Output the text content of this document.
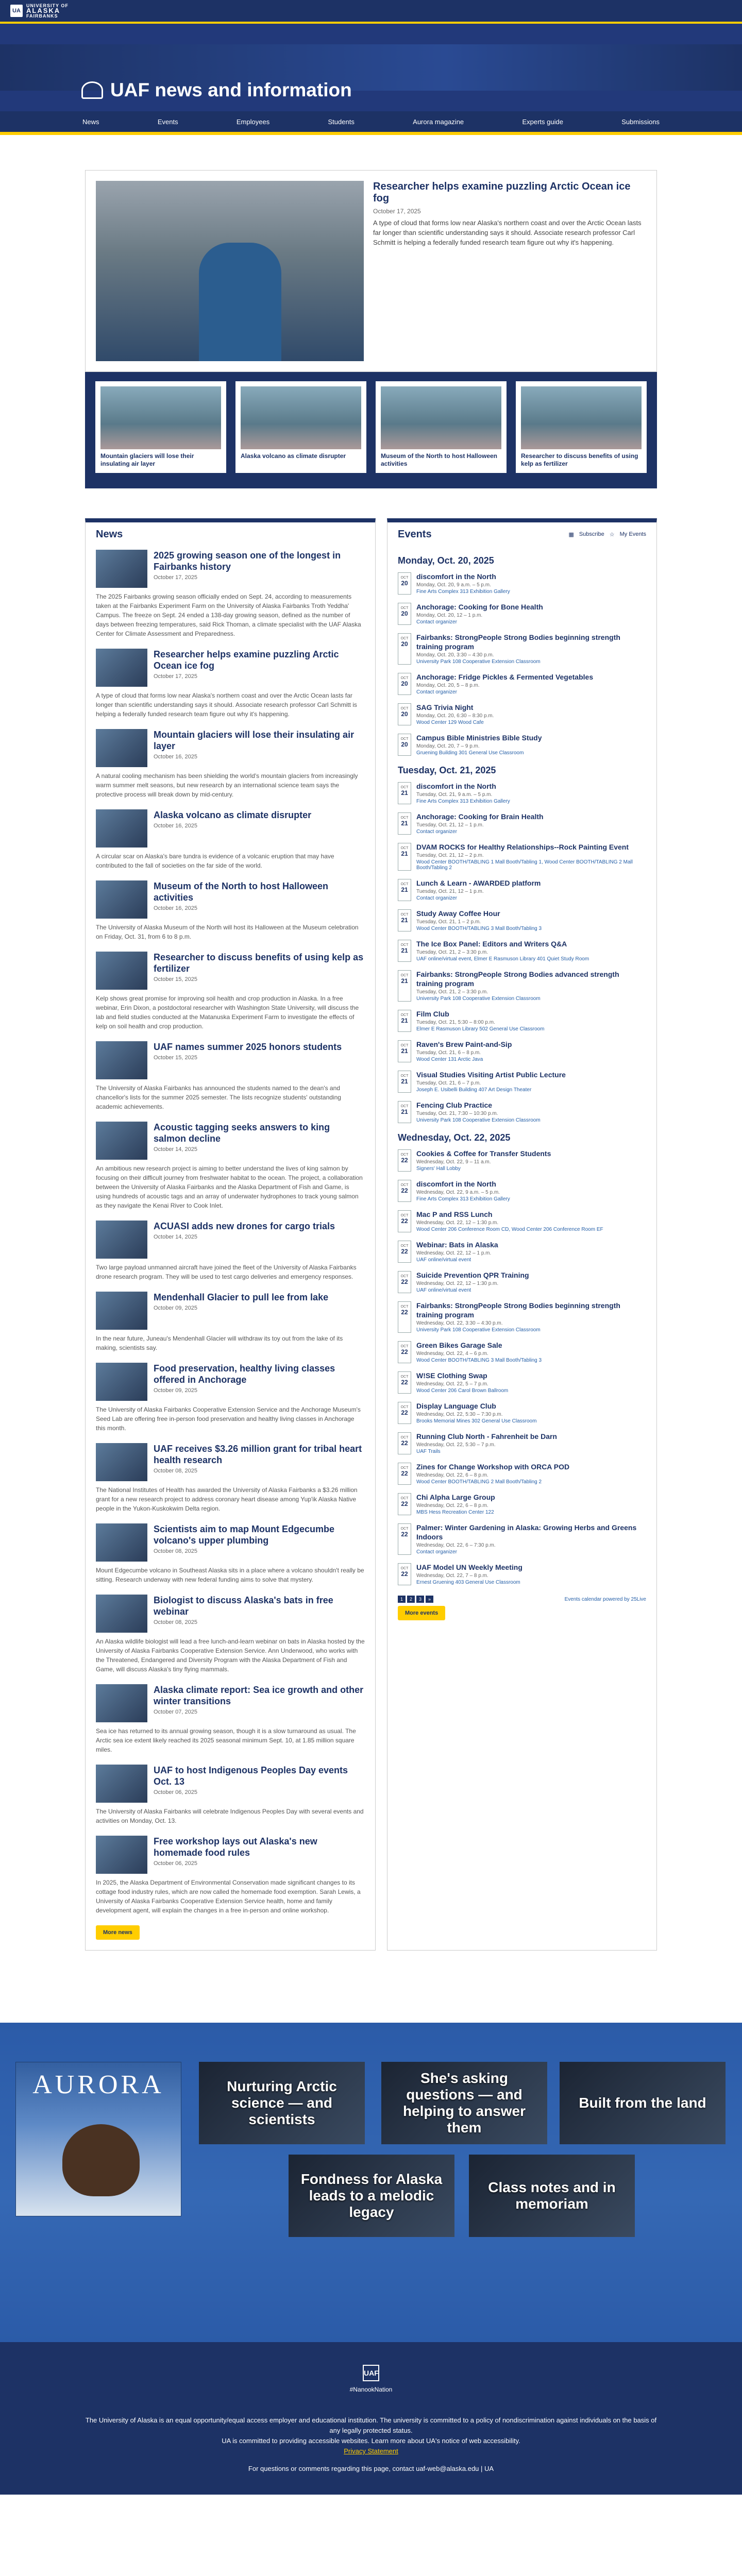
UA
UNIVERSITY OF
ALASKA
FAIRBANKS
UAF news and information
News	Events	Employees	Students	Aurora magazine	Experts guide	Submissions
Researcher helps examine puzzling Arctic Ocean ice fog
October 17, 2025

A type of cloud that forms low near Alaska's northern coast and over the Arctic Ocean lasts far longer than scientific understanding says it should. Associate research professor Carl Schmitt is helping a federally funded research team figure out why it's happening.

Mountain glaciers will lose their insulating air layer
Alaska volcano as climate disrupter	Museum of the North to host Halloween activities
Researcher to discuss benefits of using kelp as fertilizer
News
2025 growing season one of the longest in Fairbanks history
October 17, 2025

The 2025 Fairbanks growing season officially ended on Sept. 24, according to measurements taken at the Fairbanks Experiment Farm on the University of Alaska Fairbanks Troth Yeddha' Campus. The freeze on Sept. 24 ended a 138-day growing season, defined as the number of days between freezing temperatures, said Rick Thoman, a climate specialist with the UAF Alaska Center for Climate Assessment and Preparedness.

Researcher helps examine puzzling Arctic Ocean ice fog
October 17, 2025

A type of cloud that forms low near Alaska's northern coast and over the Arctic Ocean lasts far longer than scientific understanding says it should. Associate research professor Carl Schmitt is helping a federally funded research team figure out why it's happening.

Mountain glaciers will lose their insulating air layer
October 16, 2025

A natural cooling mechanism has been shielding the world's mountain glaciers from increasingly warm summer melt seasons, but new research by an international science team says the protective process will break down by mid-century.

Alaska volcano as climate disrupter
October 16, 2025

A circular scar on Alaska's bare tundra is evidence of a volcanic eruption that may have contributed to the fall of societies on the far side of the world.

Museum of the North to host Halloween activities
October 16, 2025

The University of Alaska Museum of the North will host its Halloween at the Museum celebration on Friday, Oct. 31, from 6 to 8 p.m.

Researcher to discuss benefits of using kelp as fertilizer
October 15, 2025

Kelp shows great promise for improving soil health and crop production in Alaska. In a free webinar, Erin Dixon, a postdoctoral researcher with Washington State University, will discuss the lab and field studies conducted at the Matanuska Experiment Farm to investigate the effects of kelp on soil health and crop production.

UAF names summer 2025 honors students
October 15, 2025

The University of Alaska Fairbanks has announced the students named to the dean's and chancellor's lists for the summer 2025 semester. The lists recognize students' outstanding academic achievements.

Acoustic tagging seeks answers to king salmon decline
October 14, 2025

An ambitious new research project is aiming to better understand the lives of king salmon by focusing on their difficult journey from freshwater habitat to the ocean. The project, a collaboration between the University of Alaska Fairbanks and the Alaska Department of Fish and Game, is using hundreds of acoustic tags and an array of underwater hydrophones to track young salmon as they navigate the Kenai River to Cook Inlet.

ACUASI adds new drones for cargo trials
October 14, 2025

Two large payload unmanned aircraft have joined the fleet of the University of Alaska Fairbanks drone research program. They will be used to test cargo deliveries and emergency responses.

Mendenhall Glacier to pull lee from lake
October 09, 2025

In the near future, Juneau's Mendenhall Glacier will withdraw its toy out from the lake of its making, scientists say.

Food preservation, healthy living classes offered in Anchorage
October 09, 2025

The University of Alaska Fairbanks Cooperative Extension Service and the Anchorage Museum's Seed Lab are offering free in-person food preservation and healthy living classes in Anchorage this month.

UAF receives $3.26 million grant for tribal heart health research
October 08, 2025

The National Institutes of Health has awarded the University of Alaska Fairbanks a $3.26 million grant for a new research project to address coronary heart disease among Yup'ik Alaska Native people in the Yukon-Kuskokwim Delta region.

Scientists aim to map Mount Edgecumbe volcano's upper plumbing
October 08, 2025

Mount Edgecumbe volcano in Southeast Alaska sits in a place where a volcano shouldn't really be sitting. Research underway with new federal funding aims to solve that mystery.

Biologist to discuss Alaska's bats in free webinar
October 08, 2025

An Alaska wildlife biologist will lead a free lunch-and-learn webinar on bats in Alaska hosted by the University of Alaska Fairbanks Cooperative Extension Service. Ann Underwood, who works with the Threatened, Endangered and Diversity Program with the Alaska Department of Fish and Game, will discuss Alaska's tiny flying mammals.

Alaska climate report: Sea ice growth and other winter transitions
October 07, 2025

Sea ice has returned to its annual growing season, though it is a slow turnaround as usual. The Arctic sea ice extent likely reached its 2025 seasonal minimum Sept. 10, at 1.85 million square miles.

UAF to host Indigenous Peoples Day events Oct. 13
October 06, 2025

The University of Alaska Fairbanks will celebrate Indigenous Peoples Day with several events and activities on Monday, Oct. 13.

Free workshop lays out Alaska's new homemade food rules
October 06, 2025

In 2025, the Alaska Department of Environmental Conservation made significant changes to its cottage food industry rules, which are now called the homemade food exemption. Sarah Lewis, a University of Alaska Fairbanks Cooperative Extension Service health, home and family development agent, will explain the changes in a free in-person and online workshop.

More news
Events	▦ Subscribe ☆ My Events
Monday, Oct. 20, 2025
OCT
20
discomfort in the North
Monday, Oct. 20, 9 a.m. – 5 p.m.
Fine Arts Complex 313 Exhibition Gallery
OCT
20
Anchorage: Cooking for Bone Health
Monday, Oct. 20, 12 – 1 p.m.
Contact organizer
OCT
20
Fairbanks: StrongPeople Strong Bodies beginning strength training program
Monday, Oct. 20, 3:30 – 4:30 p.m.
University Park 108 Cooperative Extension Classroom
OCT
20
Anchorage: Fridge Pickles & Fermented Vegetables
Monday, Oct. 20, 5 – 8 p.m.
Contact organizer
OCT
20
SAG Trivia Night
Monday, Oct. 20, 6:30 – 8:30 p.m.
Wood Center 129 Wood Cafe
OCT
20
Campus Bible Ministries Bible Study
Monday, Oct. 20, 7 – 9 p.m.
Gruening Building 301 General Use Classroom
Tuesday, Oct. 21, 2025
OCT
21
discomfort in the North
Tuesday, Oct. 21, 9 a.m. – 5 p.m.
Fine Arts Complex 313 Exhibition Gallery
OCT
21
Anchorage: Cooking for Brain Health
Tuesday, Oct. 21, 12 – 1 p.m.
Contact organizer
OCT
21
DVAM ROCKS for Healthy Relationships--Rock Painting Event
Tuesday, Oct. 21, 12 – 2 p.m.
Wood Center BOOTH/TABLING 1 Mall Booth/Tabling 1, Wood Center BOOTH/TABLING 2 Mall Booth/Tabling 2
OCT
21
Lunch & Learn - AWARDED platform
Tuesday, Oct. 21, 12 – 1 p.m.
Contact organizer
OCT
21
Study Away Coffee Hour
Tuesday, Oct. 21, 1 – 2 p.m.
Wood Center BOOTH/TABLING 3 Mall Booth/Tabling 3
OCT
21
The Ice Box Panel: Editors and Writers Q&A
Tuesday, Oct. 21, 2 – 3:30 p.m.
UAF online/virtual event, Elmer E Rasmuson Library 401 Quiet Study Room
OCT
21
Fairbanks: StrongPeople Strong Bodies advanced strength training program
Tuesday, Oct. 21, 2 – 3:30 p.m.
University Park 108 Cooperative Extension Classroom
OCT
21
Film Club
Tuesday, Oct. 21, 5:30 – 8:00 p.m.
Elmer E Rasmuson Library 502 General Use Classroom
OCT
21
Raven's Brew Paint-and-Sip
Tuesday, Oct. 21, 6 – 8 p.m.
Wood Center 131 Arctic Java
OCT
21
Visual Studies Visiting Artist Public Lecture
Tuesday, Oct. 21, 6 – 7 p.m.
Joseph E. Usibelli Building 407 Art Design Theater
OCT
21
Fencing Club Practice
Tuesday, Oct. 21, 7:30 – 10:30 p.m.
University Park 108 Cooperative Extension Classroom
Wednesday, Oct. 22, 2025
OCT
22
Cookies & Coffee for Transfer Students
Wednesday, Oct. 22, 9 – 11 a.m.
Signers' Hall Lobby
OCT
22
discomfort in the North
Wednesday, Oct. 22, 9 a.m. – 5 p.m.
Fine Arts Complex 313 Exhibition Gallery
OCT
22
Mac P and RSS Lunch
Wednesday, Oct. 22, 12 – 1:30 p.m.
Wood Center 206 Conference Room CD, Wood Center 206 Conference Room EF
OCT
22
Webinar: Bats in Alaska
Wednesday, Oct. 22, 12 – 1 p.m.
UAF online/virtual event
OCT
22
Suicide Prevention QPR Training
Wednesday, Oct. 22, 12 – 1:30 p.m.
UAF online/virtual event
OCT
22
Fairbanks: StrongPeople Strong Bodies beginning strength training program
Wednesday, Oct. 22, 3:30 – 4:30 p.m.
University Park 108 Cooperative Extension Classroom
OCT
22
Green Bikes Garage Sale
Wednesday, Oct. 22, 4 – 6 p.m.
Wood Center BOOTH/TABLING 3 Mall Booth/Tabling 3
OCT
22
W!SE Clothing Swap
Wednesday, Oct. 22, 5 – 7 p.m.
Wood Center 206 Carol Brown Ballroom
OCT
22
Display Language Club
Wednesday, Oct. 22, 5:30 – 7:30 p.m.
Brooks Memorial Mines 302 General Use Classroom
OCT
22
Running Club North - Fahrenheit be Darn
Wednesday, Oct. 22, 5:30 – 7 p.m.
UAF Trails
OCT
22
Zines for Change Workshop with ORCA POD
Wednesday, Oct. 22, 6 – 8 p.m.
Wood Center BOOTH/TABLING 2 Mall Booth/Tabling 2
OCT
22
Chi Alpha Large Group
Wednesday, Oct. 22, 6 – 8 p.m.
MBS Hess Recreation Center 122
OCT
22
Palmer: Winter Gardening in Alaska: Growing Herbs and Greens Indoors
Wednesday, Oct. 22, 6 – 7:30 p.m.
Contact organizer
OCT
22
UAF Model UN Weekly Meeting
Wednesday, Oct. 22, 7 – 8 p.m.
Ernest Gruening 403 General Use Classroom
1	2	3	»	Events calendar powered by 25Live
More events
AURORA	Nurturing Arctic science — and scientists
She's asking questions — and helping to answer them
Built from the land
Fondness for Alaska leads to a melodic legacy
Class notes and in memoriam
UAF
#NanookNation

The University of Alaska is an equal opportunity/equal access employer and educational institution. The university is committed to a policy of nondiscrimination against individuals on the basis of any legally protected status.

UA is committed to providing accessible websites. Learn more about UA's notice of web accessibility.

Privacy Statement

For questions or comments regarding this page, contact uaf-web@alaska.edu | UA
